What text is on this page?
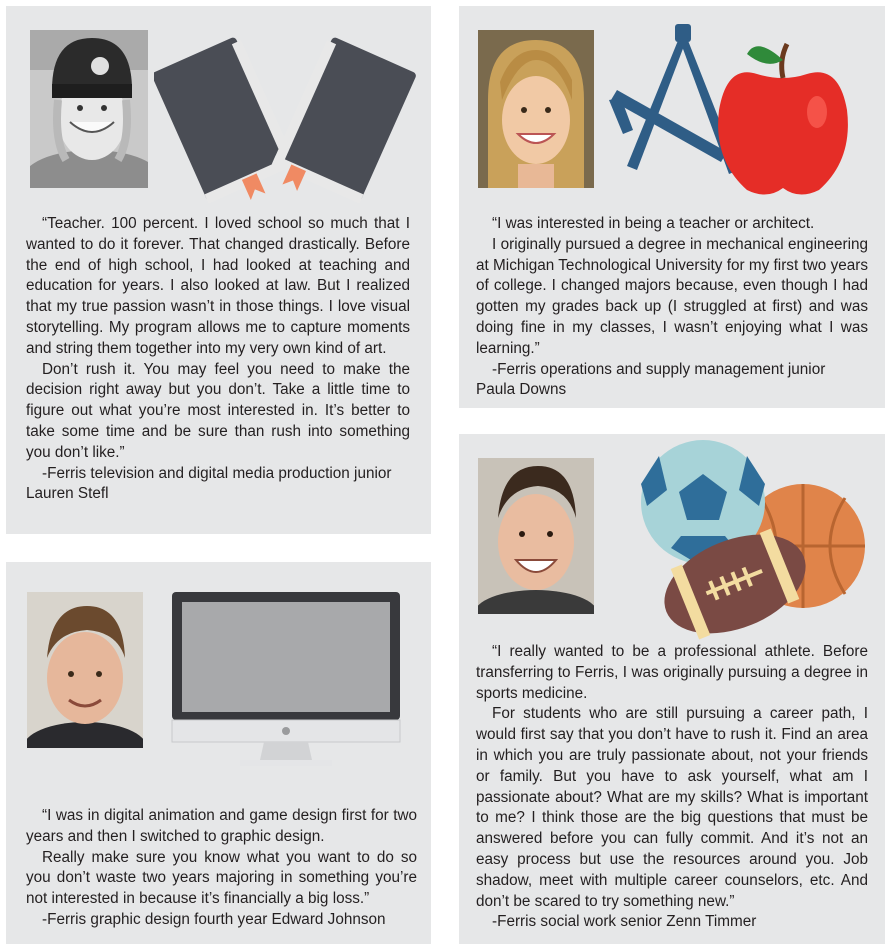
“Teacher. 100 percent. I loved school so much that I wanted to do it forever. That changed drastically. Before the end of high school, I had looked at teaching and education for years. I also looked at law. But I realized that my true passion wasn’t in those things. I love visual storytelling. My program allows me to capture moments and string them together into my very own kind of art.

Don’t rush it. You may feel you need to make the decision right away but you don’t. Take a little time to figure out what you’re most interested in. It’s better to take some time and be sure than rush into something you don’t like.”

-Ferris television and digital media production junior Lauren Stefl

“I was interested in being a teacher or architect.

I originally pursued a degree in mechanical engineering at Michigan Technological University for my first two years of college. I changed majors because, even though I had gotten my grades back up (I struggled at first) and was doing fine in my classes, I wasn’t enjoying what I was learning.”

-Ferris operations and supply management junior Paula Downs

“I was in digital animation and game design first for two years and then I switched to graphic design.

Really make sure you know what you want to do so you don’t waste two years majoring in something you’re not interested in because it’s financially a big loss.”

-Ferris graphic design fourth year Edward Johnson

“I really wanted to be a professional athlete. Before transferring to Ferris, I was originally pursuing a degree in sports medicine.

For students who are still pursuing a career path, I would first say that you don’t have to rush it. Find an area in which you are truly passionate about, not your friends or family. But you have to ask yourself, what am I passionate about? What are my skills? What is important to me? I think those are the big questions that must be answered before you can fully commit. And it’s not an easy process but use the resources around you. Job shadow, meet with multiple career counselors, etc. And don’t be scared to try something new.”

-Ferris social work senior Zenn Timmer
